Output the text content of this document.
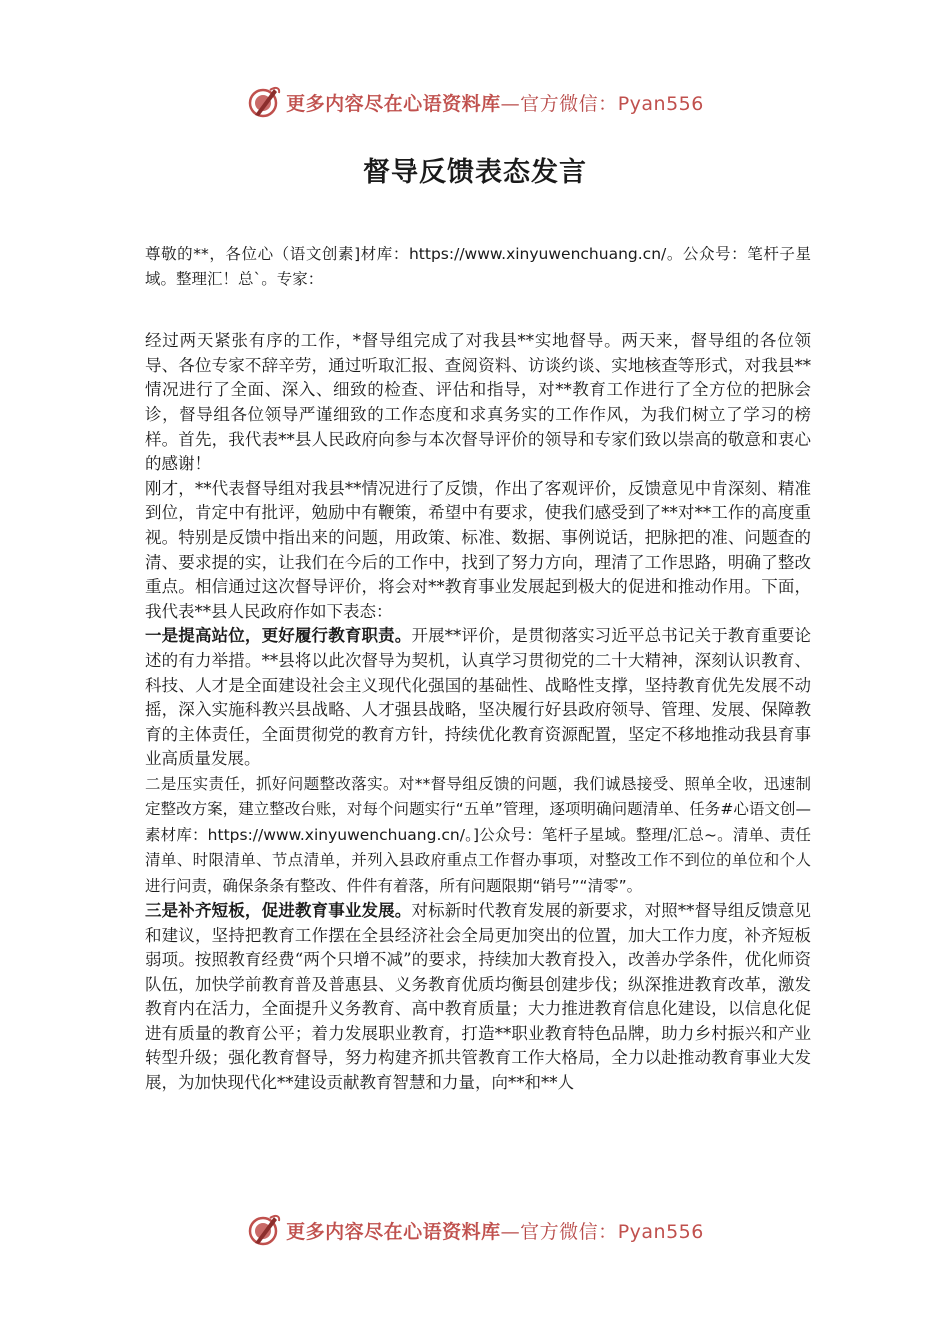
更多内容尽在心语资料库—官方微信：Pyan556
督导反馈表态发言

尊敬的**，各位心（语文创素]材库：https://www.xinyuwenchuang.cn/。公众号：笔杆子星域。整理汇！总`。专家：

经过两天紧张有序的工作，*督导组完成了对我县**实地督导。两天来，督导组的各位领导、各位专家不辞辛劳，通过听取汇报、查阅资料、访谈约谈、实地核查等形式，对我县**情况进行了全面、深入、细致的检查、评估和指导，对**教育工作进行了全方位的把脉会诊，督导组各位领导严谨细致的工作态度和求真务实的工作作风，为我们树立了学习的榜样。首先，我代表**县人民政府向参与本次督导评价的领导和专家们致以崇高的敬意和衷心的感谢！

刚才，**代表督导组对我县**情况进行了反馈，作出了客观评价，反馈意见中肯深刻、精准到位，肯定中有批评，勉励中有鞭策，希望中有要求，使我们感受到了**对**工作的高度重视。特别是反馈中指出来的问题，用政策、标准、数据、事例说话，把脉把的准、问题查的清、要求提的实，让我们在今后的工作中，找到了努力方向，理清了工作思路，明确了整改重点。相信通过这次督导评价，将会对**教育事业发展起到极大的促进和推动作用。下面，我代表**县人民政府作如下表态：

一是提高站位，更好履行教育职责。开展**评价，是贯彻落实习近平总书记关于教育重要论述的有力举措。**县将以此次督导为契机，认真学习贯彻党的二十大精神，深刻认识教育、科技、人才是全面建设社会主义现代化强国的基础性、战略性支撑，坚持教育优先发展不动摇，深入实施科教兴县战略、人才强县战略，坚决履行好县政府领导、管理、发展、保障教育的主体责任，全面贯彻党的教育方针，持续优化教育资源配置，坚定不移地推动我县育事业高质量发展。

二是压实责任，抓好问题整改落实。对**督导组反馈的问题，我们诚恳接受、照单全收，迅速制定整改方案，建立整改台账，对每个问题实行“五单”管理，逐项明确问题清单、任务#心语文创—素材库：https://www.xinyuwenchuang.cn/。]公众号：笔杆子星域。整理/汇总~。清单、责任清单、时限清单、节点清单，并列入县政府重点工作督办事项，对整改工作不到位的单位和个人进行问责，确保条条有整改、件件有着落，所有问题限期“销号”“清零”。

三是补齐短板，促进教育事业发展。对标新时代教育发展的新要求，对照**督导组反馈意见和建议，坚持把教育工作摆在全县经济社会全局更加突出的位置，加大工作力度，补齐短板弱项。按照教育经费“两个只增不减”的要求，持续加大教育投入，改善办学条件，优化师资队伍，加快学前教育普及普惠县、义务教育优质均衡县创建步伐；纵深推进教育改革，激发教育内在活力，全面提升义务教育、高中教育质量；大力推进教育信息化建设，以信息化促进有质量的教育公平；着力发展职业教育，打造**职业教育特色品牌，助力乡村振兴和产业转型升级；强化教育督导，努力构建齐抓共管教育工作大格局，全力以赴推动教育事业大发展，为加快现代化**建设贡献教育智慧和力量，向**和**人

更多内容尽在心语资料库—官方微信：Pyan556
